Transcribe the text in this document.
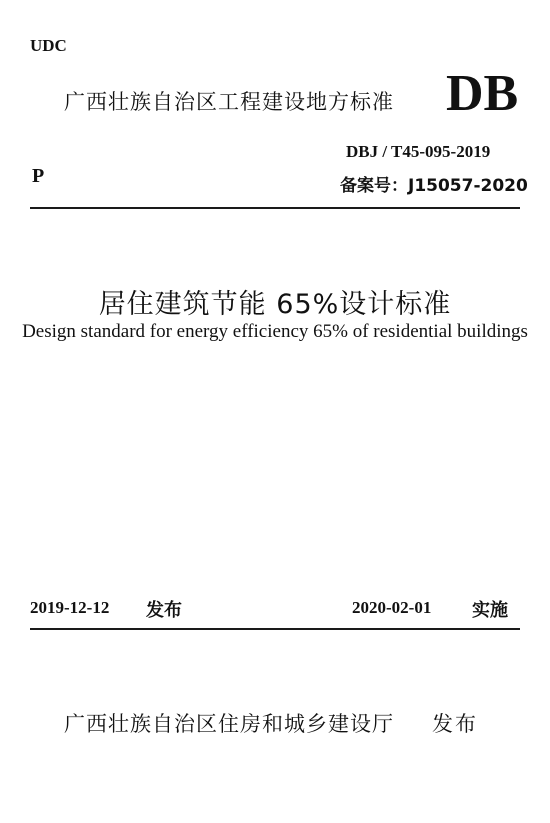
UDC
广西壮族自治区工程建设地方标准 DB
P
DBJ / T45-095-2019
备案号：J15057-2020
居住建筑节能 65%设计标准
Design standard for energy efficiency 65% of residential buildings
2019-12-12 发布	2020-02-01 实施
广西壮族自治区住房和城乡建设厅 发布
